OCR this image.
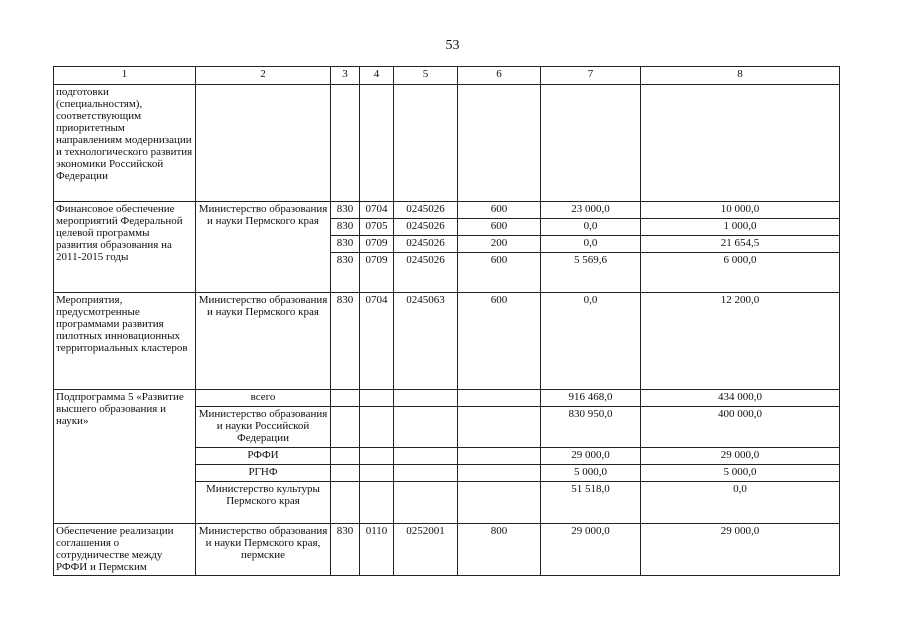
53
1	2	3	4	5	6	7	8
подготовки (специальностям), соответствующим приоритетным направлениям модернизации и технологического развития экономики Российской Федерации							
Финансовое обеспечение мероприятий Федеральной целевой программы развития образования на 2011-2015 годы	Министерство образования и науки Пермского края	830	0704	0245026	600	23 000,0	10 000,0
		830	0705	0245026	600	0,0	1 000,0
		830	0709	0245026	200	0,0	21 654,5
		830	0709	0245026	600	5 569,6	6 000,0
Мероприятия, предусмотренные программами развития пилотных инновационных территориальных кластеров	Министерство образования и науки Пермского края	830	0704	0245063	600	0,0	12 200,0
Подпрограмма 5 «Развитие высшего образования и науки»	всего					916 468,0	434 000,0
	Министерство образования и науки Российской Федерации					830 950,0	400 000,0
	РФФИ					29 000,0	29 000,0
	РГНФ					5 000,0	5 000,0
	Министерство культуры Пермского края					51 518,0	0,0
Обеспечение реализации соглашения о сотрудничестве между РФФИ и Пермским	Министерство образования и науки Пермского края, пермские	830	0110	0252001	800	29 000,0	29 000,0
